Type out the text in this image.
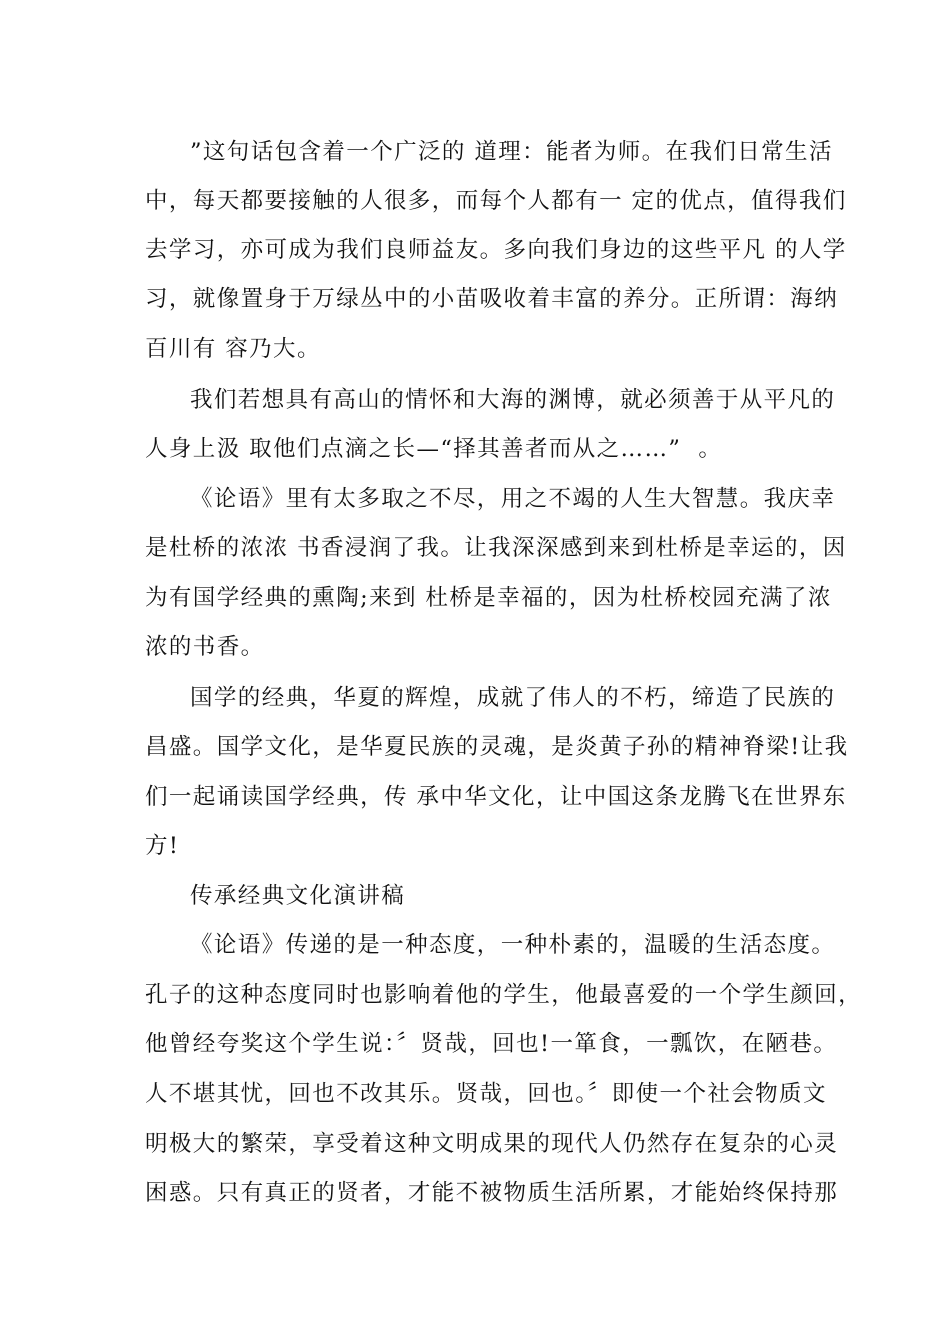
”这句话包含着一个广泛的 道理：能者为师。在我们日常生活
中，每天都要接触的人很多，而每个人都有一 定的优点，值得我们
去学习，亦可成为我们良师益友。多向我们身边的这些平凡 的人学
习，就像置身于万绿丛中的小苗吸收着丰富的养分。正所谓：海纳
百川有 容乃大。
我们若想具有高山的情怀和大海的渊博，就必须善于从平凡的
人身上汲 取他们点滴之长—“择其善者而从之……”  。
《论语》里有太多取之不尽，用之不竭的人生大智慧。我庆幸
是杜桥的浓浓 书香浸润了我。让我深深感到来到杜桥是幸运的，因
为有国学经典的熏陶;来到 杜桥是幸福的，因为杜桥校园充满了浓
浓的书香。
国学的经典，华夏的辉煌，成就了伟人的不朽，缔造了民族的
昌盛。国学文化，是华夏民族的灵魂，是炎黄子孙的精神脊梁!让我
们一起诵读国学经典，传 承中华文化，让中国这条龙腾飞在世界东
方!
传承经典文化演讲稿
《论语》传递的是一种态度，一种朴素的，温暖的生活态度。
孔子的这种态度同时也影响着他的学生，他最喜爱的一个学生颜回，
他曾经夸奖这个学生说：〞贤哉，回也!一箪食，一瓢饮，在陋巷。
人不堪其忧，回也不改其乐。贤哉，回也。〞即使一个社会物质文
明极大的繁荣，享受着这种文明成果的现代人仍然存在复杂的心灵
困惑。只有真正的贤者，才能不被物质生活所累，才能始终保持那
